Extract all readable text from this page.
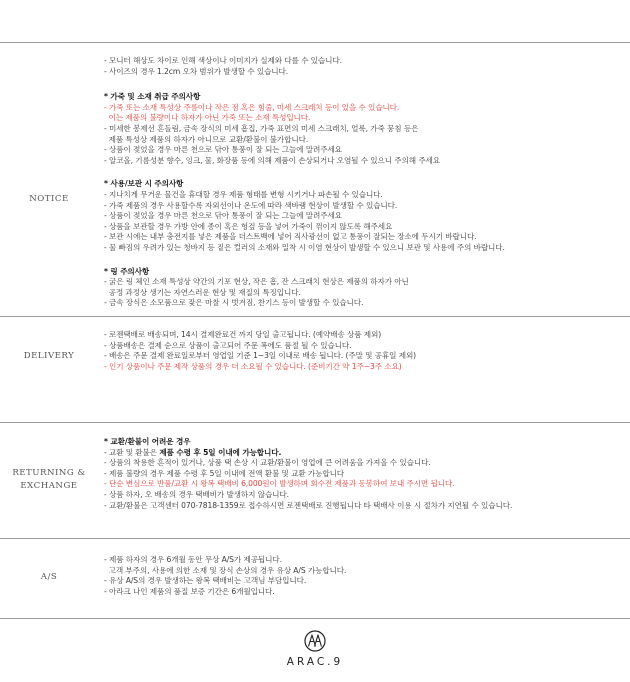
NOTICE
- 모니터 해상도 차이로 인해 색상이나 이미지가 실제와 다를 수 있습니다.
- 사이즈의 경우 1.2cm 오차 범위가 발생할 수 있습니다.
* 가죽 및 소재 취급 주의사항
- 가죽 또는 소재 특성상 주름이나 작은 점 혹은 힘줄, 미세 스크래치 등이 있을 수 있습니다.
이는 제품의 불량이나 하자가 아닌 가죽 또는 소재 특성입니다.
- 미세한 봉제선 흔들림, 금속 장식의 미세 흠집, 가죽 표면의 미세 스크래치, 얼룩, 가죽 뭉침 등은
제품 특성상 제품의 하자가 아니므로 교환/환불이 불가합니다.
- 상품이 젖었을 경우 마른 천으로 닦아 통풍이 잘 되는 그늘에 말려주세요
- 알코올, 기름성분 향수, 잉크, 물, 화장품 등에 의해 제품이 손상되거나 오염될 수 있으니 주의해 주세요
* 사용/보관 시 주의사항
- 지나치게 무거운 물건을 휴대할 경우 제품 형태를 변형 시키거나 파손될 수 있습니다.
- 가죽 제품의 경우 사용할수록 자외선이나 온도에 따라 색바램 현상이 발생할 수 있습니다.
- 상품이 젖었을 경우 마른 천으로 닦아 통풍이 잘 되는 그늘에 말려주세요
- 상품을 보관할 경우 가방 안에 종이 혹은 헝겊 등을 넣어 가죽이 꺾이지 않도록 해주세요
- 보관 시에는 내부 충전지를 넣은 제품을 더스트백에 넣어 직사광선이 없고 통풍이 잘되는 장소에 두시기 바랍니다.
- 물 빠짐의 우려가 있는 청바지 등 짙은 컬러의 소재와 밀착 시 이염 현상이 발생할 수 있으니 보관 및 사용에 주의 바랍니다.
* 링 주의사항
- 굵은 링 체인 소재 특성상 약간의 기포 현상, 작은 흠, 잔 스크래치 현상은 제품의 하자가 아닌
공정 과정상 생기는 자연스러운 현상 및 재질의 특징입니다.
- 금속 장식은 소모품으로 잦은 마찰 시 벗겨짐, 찬기스 등이 발생할 수 있습니다.
DELIVERY
- 로젠택배로 배송되며, 14시 결제완료건 까지 당일 출고됩니다. (예약배송 상품 제외)
- 상품배송은 결제 순으로 상품이 출고되어 주문 폭에도 품절 될 수 있습니다.
- 배송은 주문 결제 완료일로부터 영업일 기준 1~3일 이내로 배송 됩니다. (주말 및 공휴일 제외)
- 인기 상품이나 주문 제작 상품의 경우 더 소요될 수 있습니다. (준비기간 약 1주~3주 소요)
RETURNING &
EXCHANGE
* 교환/환불이 어려운 경우
- 교환 및 환불은 제품 수령 후 5일 이내에 가능합니다.
- 상품의 착용한 흔적이 있거나, 상품 택 손상 시 교환/환불이 영업에 큰 어려움을 가져올 수 있습니다.
- 제품 불량의 경우 제품 수령 후 5일 이내에 전액 환불 및 교환 가능합니다
- 단순 변심으로 반품/교환 시 왕복 택배비 6,000원이 발생하며 회수전 제품과 동봉하여 보내 주시면 됩니다.
- 상품 하자, 오 배송의 경우 택배비가 발생하지 않습니다.
- 교환/환불은 고객센터 070-7818-1359로 접수하시면 로젠택배로 진행됩니다 타 택배사 이용 시 절차가 지연될 수 있습니다.
A/S
- 제품 하자의 경우 6개월 동안 무상 A/S가 제공됩니다.
고객 부주의, 사용에 의한 소재 및 장식 손상의 경우 유상 A/S 가능합니다.
- 유상 A/S의 경우 발생하는 왕복 택배비는 고객님 부담입니다.
- 아라크 나인 제품의 품질 보증 기간은 6개월입니다.
ARAC.9
